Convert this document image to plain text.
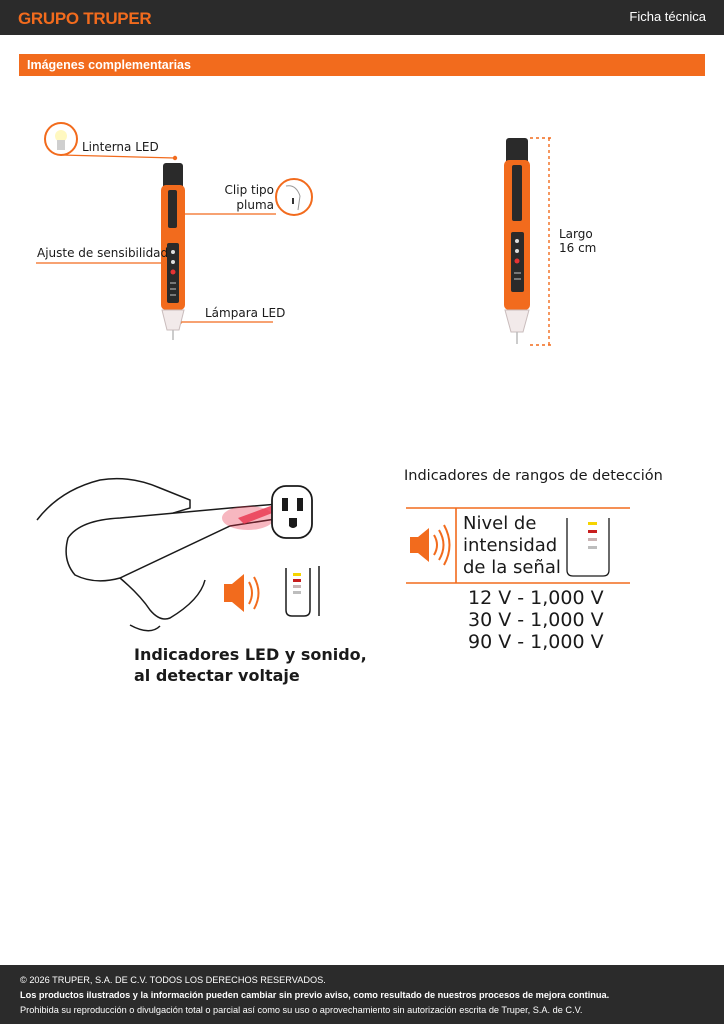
GRUPO TRUPER	Ficha técnica
Imágenes complementarias
Linterna LED
Clip tipo
pluma
Ajuste de sensibilidad
Lámpara LED
Largo
16 cm
Indicadores LED y sonido,
al detectar voltaje
Indicadores de rangos de detección
Nivel de
intensidad
de la señal
12 V - 1,000 V
30 V - 1,000 V
90 V - 1,000 V

© 2026 TRUPER, S.A. DE C.V. TODOS LOS DERECHOS RESERVADOS.

Los productos ilustrados y la información pueden cambiar sin previo aviso, como resultado de nuestros procesos de mejora continua.

Prohibida su reproducción o divulgación total o parcial así como su uso o aprovechamiento sin autorización escrita de Truper, S.A. de C.V.
